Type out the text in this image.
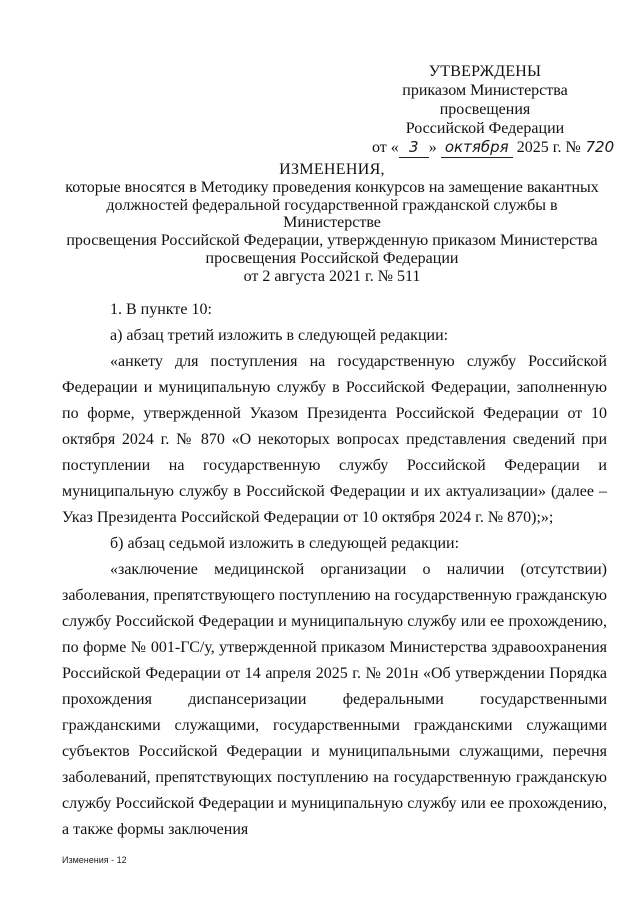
УТВЕРЖДЕНЫ
приказом Министерства просвещения
Российской Федерации
от « 3 » октября 2025 г. № 720
ИЗМЕНЕНИЯ,
которые вносятся в Методику проведения конкурсов на замещение вакантных
должностей федеральной государственной гражданской службы в Министерстве
просвещения Российской Федерации, утвержденную приказом Министерства
просвещения Российской Федерации
от 2 августа 2021 г. № 511

1. В пункте 10:

а) абзац третий изложить в следующей редакции:

«анкету для поступления на государственную службу Российской Федерации и муниципальную службу в Российской Федерации, заполненную по форме, утвержденной Указом Президента Российской Федерации от 10 октября 2024 г. № 870 «О некоторых вопросах представления сведений при поступлении на государственную службу Российской Федерации и муниципальную службу в Российской Федерации и их актуализации» (далее – Указ Президента Российской Федерации от 10 октября 2024 г. № 870);»;

б) абзац седьмой изложить в следующей редакции:

«заключение медицинской организации о наличии (отсутствии) заболевания, препятствующего поступлению на государственную гражданскую службу Российской Федерации и муниципальную службу или ее прохождению, по форме № 001-ГС/у, утвержденной приказом Министерства здравоохранения Российской Федерации от 14 апреля 2025 г. № 201н «Об утверждении Порядка прохождения диспансеризации федеральными государственными гражданскими служащими, государственными гражданскими служащими субъектов Российской Федерации и муниципальными служащими, перечня заболеваний, препятствующих поступлению на государственную гражданскую службу Российской Федерации и муниципальную службу или ее прохождению, а также формы заключения

Изменения - 12
